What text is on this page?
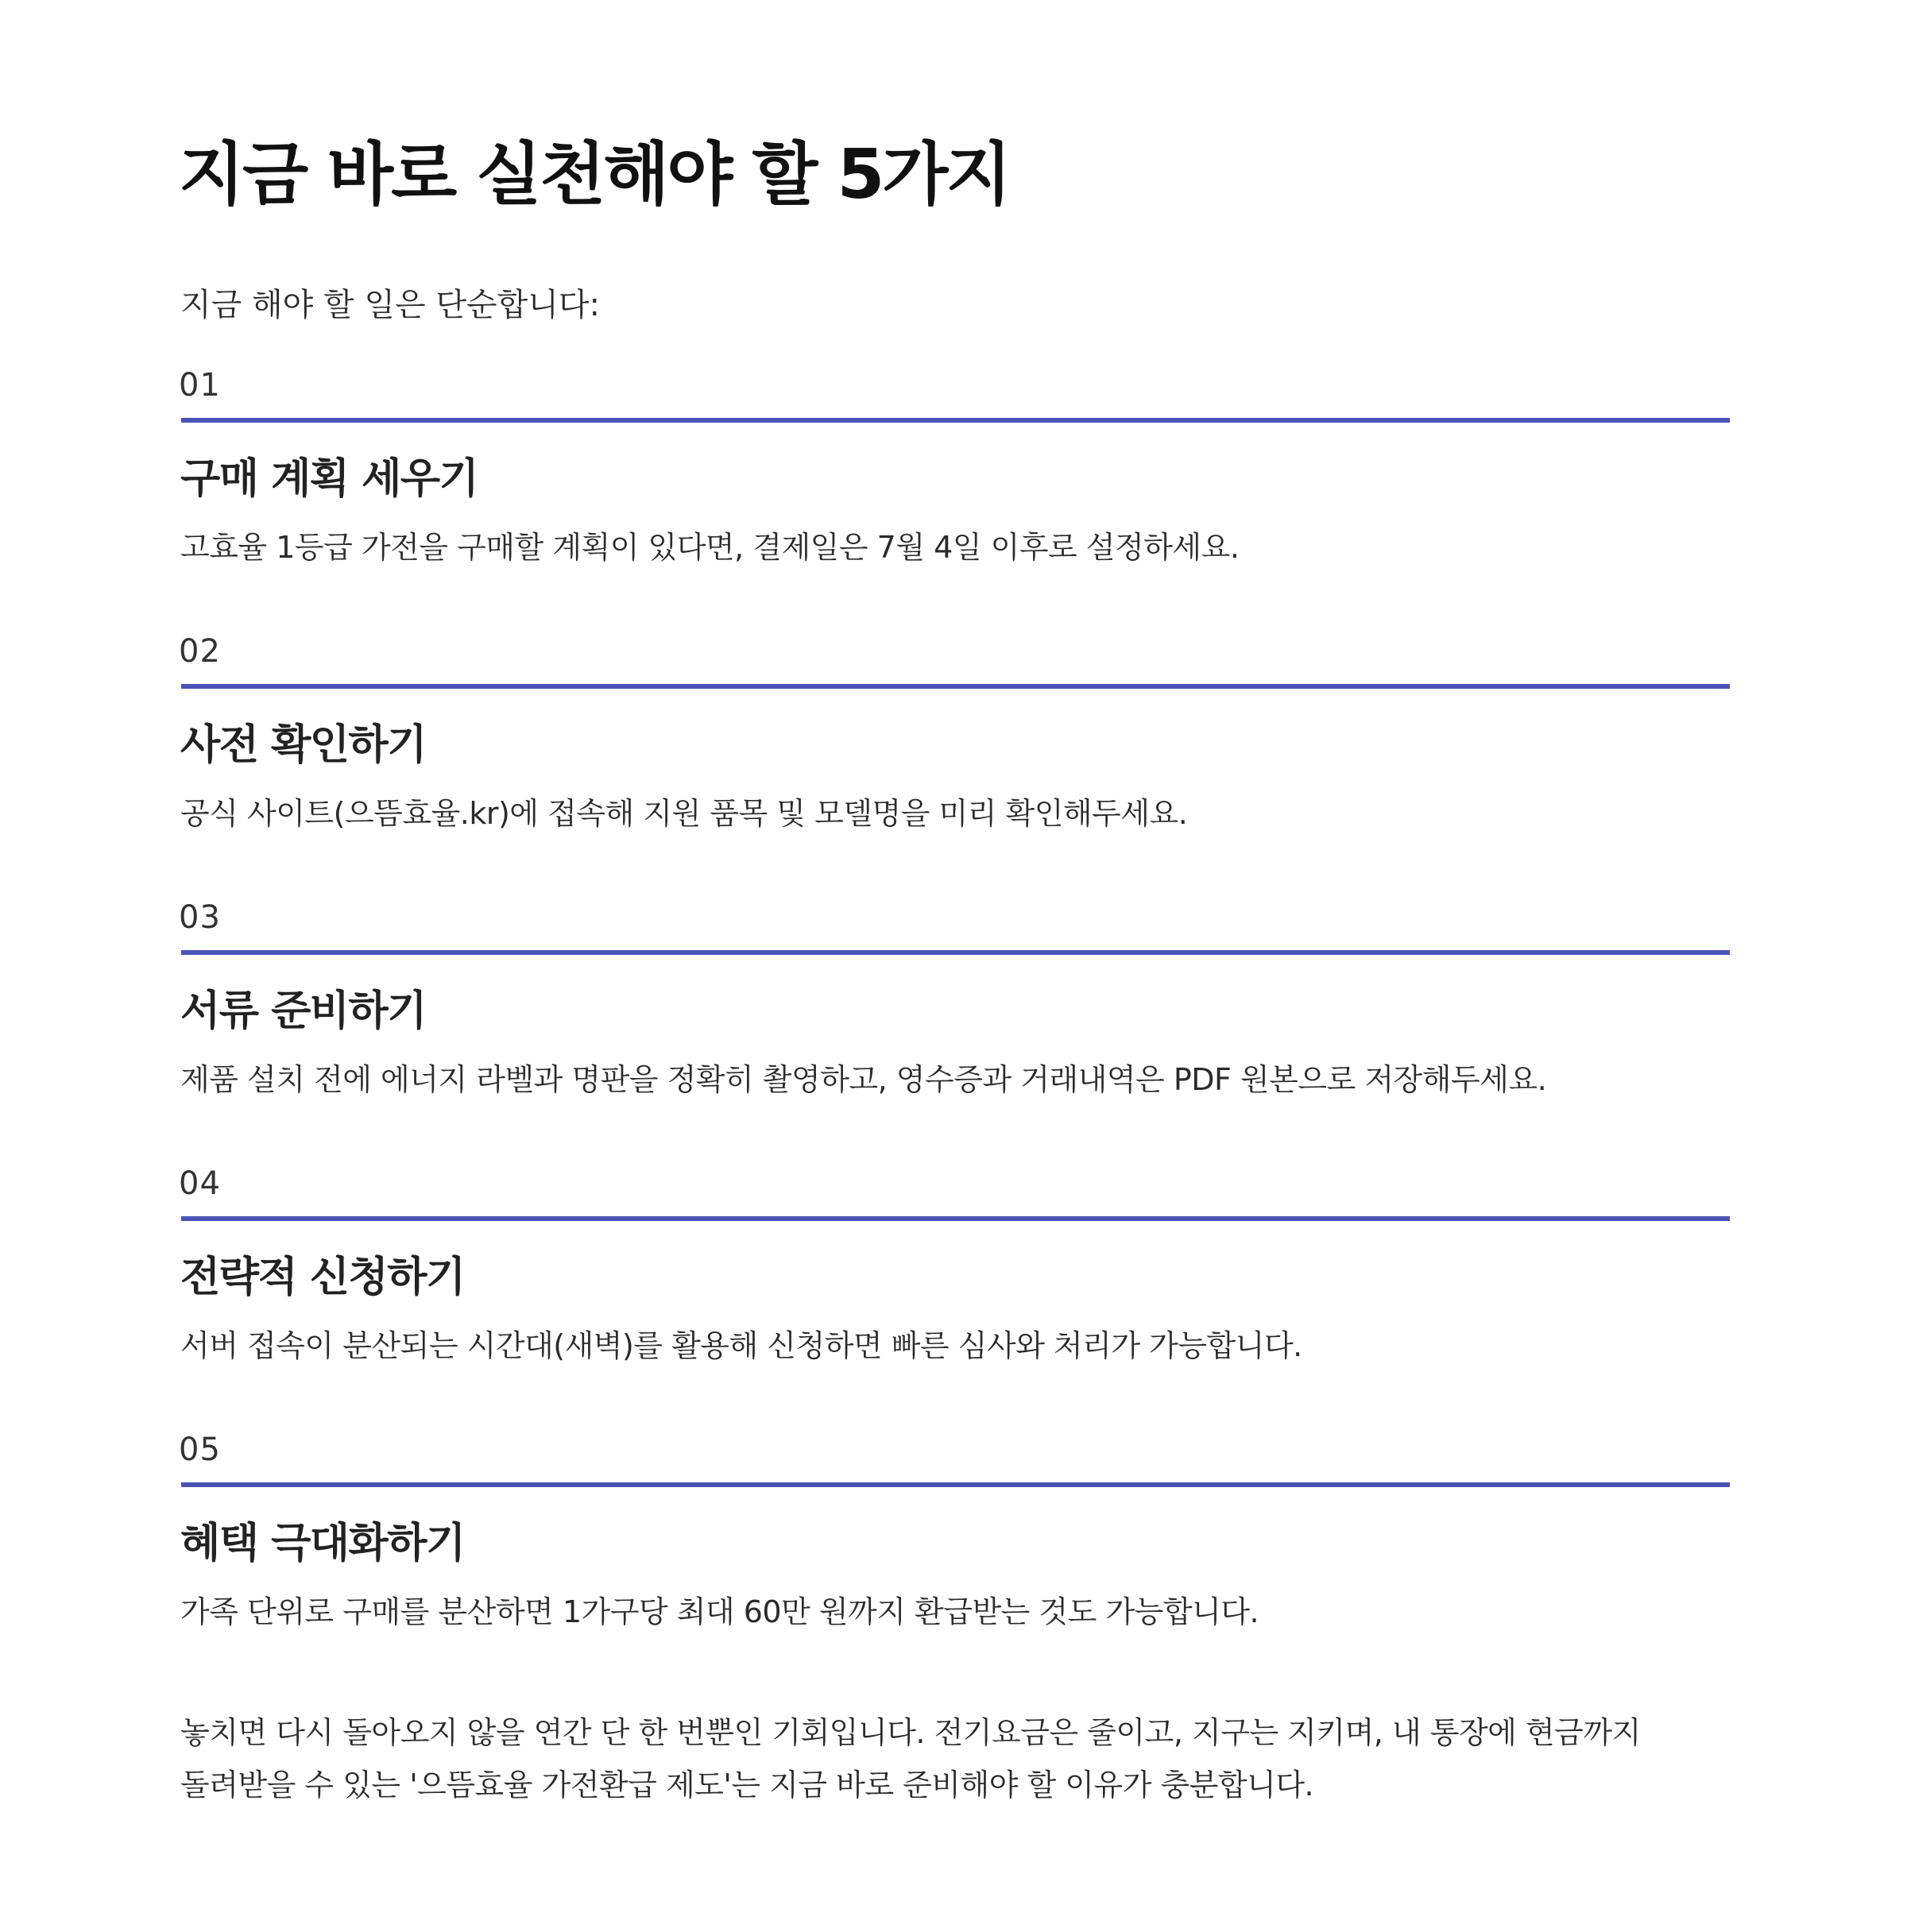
지금 바로 실천해야 할 5가지

지금 해야 할 일은 단순합니다:

01
구매 계획 세우기

고효율 1등급 가전을 구매할 계획이 있다면, 결제일은 7월 4일 이후로 설정하세요.

02
사전 확인하기

공식 사이트(으뜸효율.kr)에 접속해 지원 품목 및 모델명을 미리 확인해두세요.

03
서류 준비하기

제품 설치 전에 에너지 라벨과 명판을 정확히 촬영하고, 영수증과 거래내역은 PDF 원본으로 저장해두세요.

04
전략적 신청하기

서버 접속이 분산되는 시간대(새벽)를 활용해 신청하면 빠른 심사와 처리가 가능합니다.

05
혜택 극대화하기

가족 단위로 구매를 분산하면 1가구당 최대 60만 원까지 환급받는 것도 가능합니다.

놓치면 다시 돌아오지 않을 연간 단 한 번뿐인 기회입니다. 전기요금은 줄이고, 지구는 지키며, 내 통장에 현금까지
돌려받을 수 있는 '으뜸효율 가전환급 제도'는 지금 바로 준비해야 할 이유가 충분합니다.
